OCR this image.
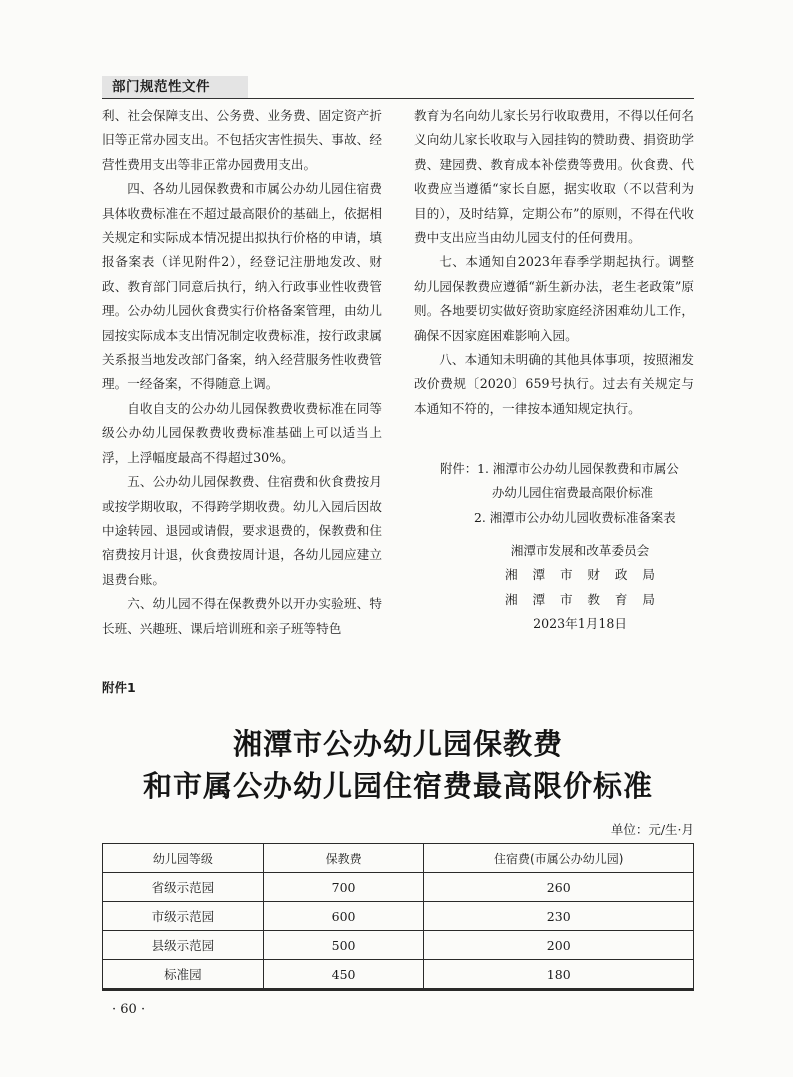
部门规范性文件

利、社会保障支出、公务费、业务费、固定资产折旧等正常办园支出。不包括灾害性损失、事故、经营性费用支出等非正常办园费用支出。

四、各幼儿园保教费和市属公办幼儿园住宿费具体收费标准在不超过最高限价的基础上，依据相关规定和实际成本情况提出拟执行价格的申请，填报备案表（详见附件2），经登记注册地发改、财政、教育部门同意后执行，纳入行政事业性收费管理。公办幼儿园伙食费实行价格备案管理，由幼儿园按实际成本支出情况制定收费标准，按行政隶属关系报当地发改部门备案，纳入经营服务性收费管理。一经备案，不得随意上调。

自收自支的公办幼儿园保教费收费标准在同等级公办幼儿园保教费收费标准基础上可以适当上浮，上浮幅度最高不得超过30%。

五、公办幼儿园保教费、住宿费和伙食费按月或按学期收取，不得跨学期收费。幼儿入园后因故中途转园、退园或请假，要求退费的，保教费和住宿费按月计退，伙食费按周计退，各幼儿园应建立退费台账。

六、幼儿园不得在保教费外以开办实验班、特长班、兴趣班、课后培训班和亲子班等特色

教育为名向幼儿家长另行收取费用，不得以任何名义向幼儿家长收取与入园挂钩的赞助费、捐资助学费、建园费、教育成本补偿费等费用。伙食费、代收费应当遵循“家长自愿，据实收取（不以营利为目的），及时结算，定期公布”的原则，不得在代收费中支出应当由幼儿园支付的任何费用。

七、本通知自2023年春季学期起执行。调整幼儿园保教费应遵循“新生新办法，老生老政策”原则。各地要切实做好资助家庭经济困难幼儿工作，确保不因家庭困难影响入园。

八、本通知未明确的其他具体事项，按照湘发改价费规〔2020〕659号执行。过去有关规定与本通知不符的，一律按本通知规定执行。

附件： 1. 湘潭市公办幼儿园保教费和市属公
办幼儿园住宿费最高限价标准
2. 湘潭市公办幼儿园收费标准备案表
湘潭市发展和改革委员会
湘 潭 市 财 政 局
湘 潭 市 教 育 局
2023年1月18日
附件1
湘潭市公办幼儿园保教费
和市属公办幼儿园住宿费最高限价标准
单位：元/生·月
幼儿园等级	保教费	住宿费(市属公办幼儿园)
省级示范园	700	260
市级示范园	600	230
县级示范园	500	200
标准园	450	180
· 60 ·
